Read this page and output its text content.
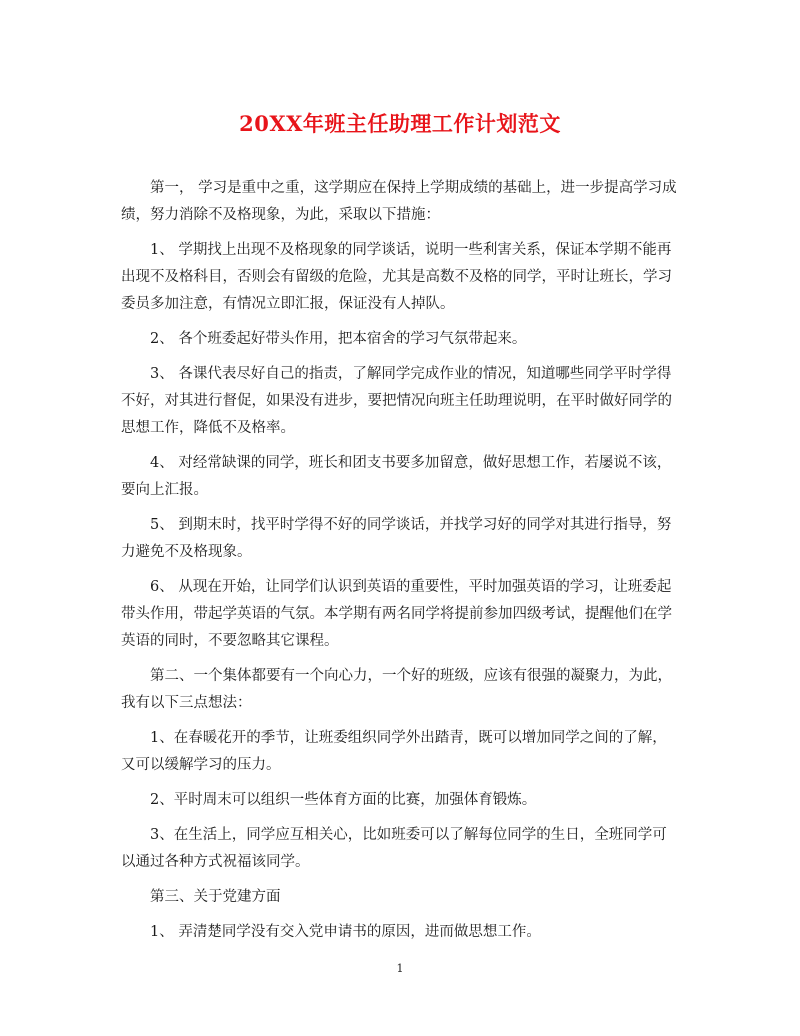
20XX年班主任助理工作计划范文

第一， 学习是重中之重，这学期应在保持上学期成绩的基础上，进一步提高学习成绩，努力消除不及格现象，为此，采取以下措施：

1、 学期找上出现不及格现象的同学谈话，说明一些利害关系，保证本学期不能再出现不及格科目，否则会有留级的危险，尤其是高数不及格的同学，平时让班长，学习委员多加注意，有情况立即汇报，保证没有人掉队。

2、 各个班委起好带头作用，把本宿舍的学习气氛带起来。

3、 各课代表尽好自己的指责，了解同学完成作业的情况，知道哪些同学平时学得不好，对其进行督促，如果没有进步，要把情况向班主任助理说明，在平时做好同学的思想工作，降低不及格率。

4、 对经常缺课的同学，班长和团支书要多加留意，做好思想工作，若屡说不该，要向上汇报。

5、 到期末时，找平时学得不好的同学谈话，并找学习好的同学对其进行指导，努力避免不及格现象。

6、 从现在开始，让同学们认识到英语的重要性，平时加强英语的学习，让班委起带头作用，带起学英语的气氛。本学期有两名同学将提前参加四级考试，提醒他们在学英语的同时，不要忽略其它课程。

第二、一个集体都要有一个向心力，一个好的班级，应该有很强的凝聚力，为此，我有以下三点想法：

1、在春暖花开的季节，让班委组织同学外出踏青，既可以增加同学之间的了解，又可以缓解学习的压力。

2、平时周末可以组织一些体育方面的比赛，加强体育锻炼。

3、在生活上，同学应互相关心，比如班委可以了解每位同学的生日，全班同学可以通过各种方式祝福该同学。

第三、关于党建方面

1、 弄清楚同学没有交入党申请书的原因，进而做思想工作。

1
